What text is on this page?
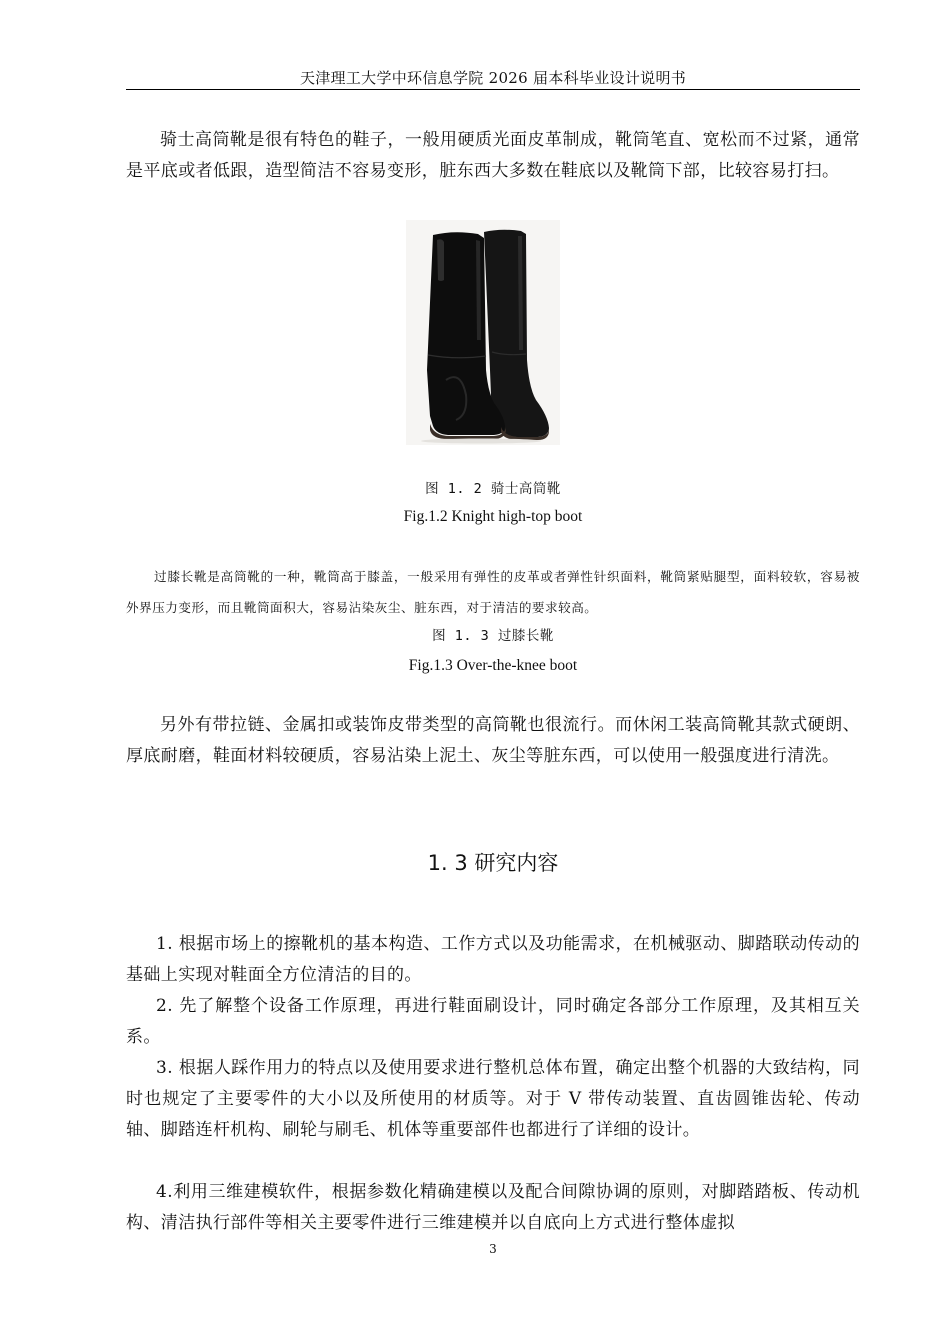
天津理工大学中环信息学院 2026 届本科毕业设计说明书

骑士高筒靴是很有特色的鞋子，一般用硬质光面皮革制成，靴筒笔直、宽松而不过紧，通常是平底或者低跟，造型简洁不容易变形，脏东西大多数在鞋底以及靴筒下部，比较容易打扫。

图 1. 2 骑士高筒靴
Fig.1.2 Knight high-top boot

过膝长靴是高筒靴的一种，靴筒高于膝盖，一般采用有弹性的皮革或者弹性针织面料，靴筒紧贴腿型，面料较软，容易被外界压力变形，而且靴筒面积大，容易沾染灰尘、脏东西，对于清洁的要求较高。

图 1. 3 过膝长靴
Fig.1.3 Over-the-knee boot

另外有带拉链、金属扣或装饰皮带类型的高筒靴也很流行。而休闲工装高筒靴其款式硬朗、厚底耐磨，鞋面材料较硬质，容易沾染上泥土、灰尘等脏东西，可以使用一般强度进行清洗。

1. 3 研究内容

1. 根据市场上的擦靴机的基本构造、工作方式以及功能需求，在机械驱动、脚踏联动传动的基础上实现对鞋面全方位清洁的目的。

2. 先了解整个设备工作原理，再进行鞋面刷设计，同时确定各部分工作原理，及其相互关系。

3. 根据人踩作用力的特点以及使用要求进行整机总体布置，确定出整个机器的大致结构，同时也规定了主要零件的大小以及所使用的材质等。对于 V 带传动装置、直齿圆锥齿轮、传动轴、脚踏连杆机构、刷轮与刷毛、机体等重要部件也都进行了详细的设计。

4.利用三维建模软件，根据参数化精确建模以及配合间隙协调的原则，对脚踏踏板、传动机构、清洁执行部件等相关主要零件进行三维建模并以自底向上方式进行整体虚拟

3
